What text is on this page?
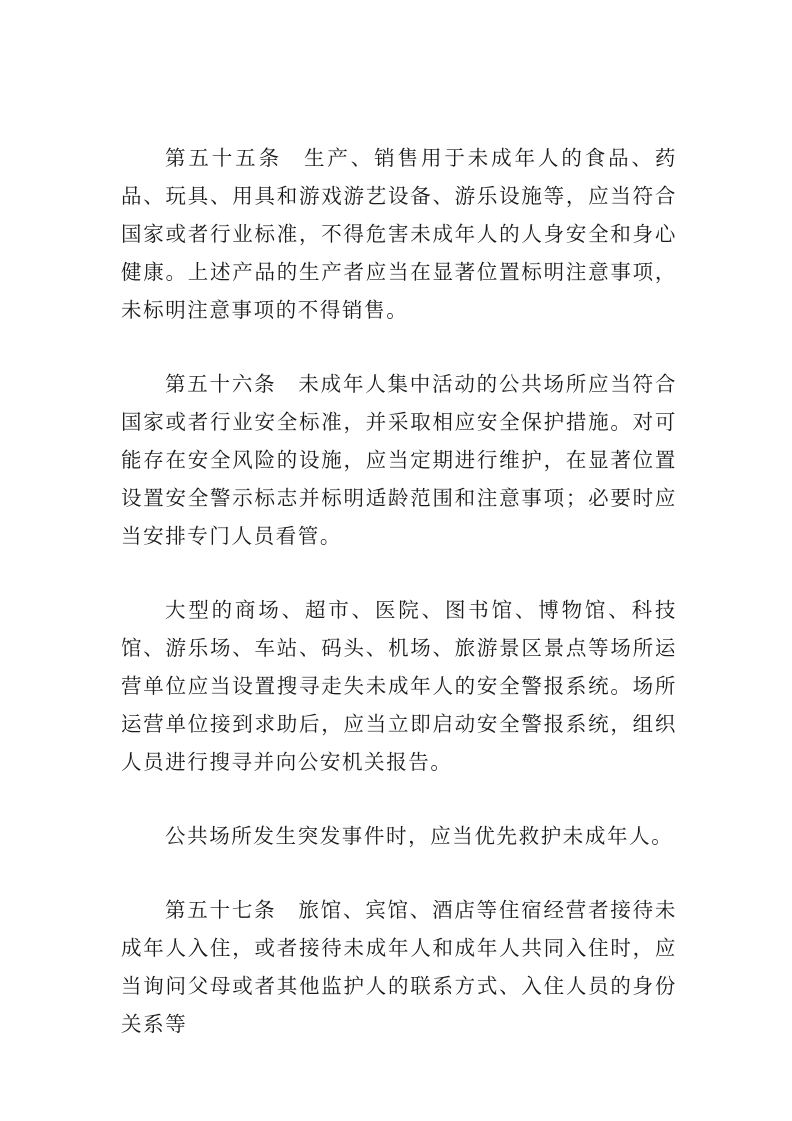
第五十五条 生产、销售用于未成年人的食品、药品、玩具、用具和游戏游艺设备、游乐设施等，应当符合国家或者行业标准，不得危害未成年人的人身安全和身心健康。上述产品的生产者应当在显著位置标明注意事项，未标明注意事项的不得销售。

第五十六条 未成年人集中活动的公共场所应当符合国家或者行业安全标准，并采取相应安全保护措施。对可能存在安全风险的设施，应当定期进行维护，在显著位置设置安全警示标志并标明适龄范围和注意事项；必要时应当安排专门人员看管。

大型的商场、超市、医院、图书馆、博物馆、科技馆、游乐场、车站、码头、机场、旅游景区景点等场所运营单位应当设置搜寻走失未成年人的安全警报系统。场所运营单位接到求助后，应当立即启动安全警报系统，组织人员进行搜寻并向公安机关报告。

公共场所发生突发事件时，应当优先救护未成年人。

第五十七条 旅馆、宾馆、酒店等住宿经营者接待未成年人入住，或者接待未成年人和成年人共同入住时，应当询问父母或者其他监护人的联系方式、入住人员的身份关系等
